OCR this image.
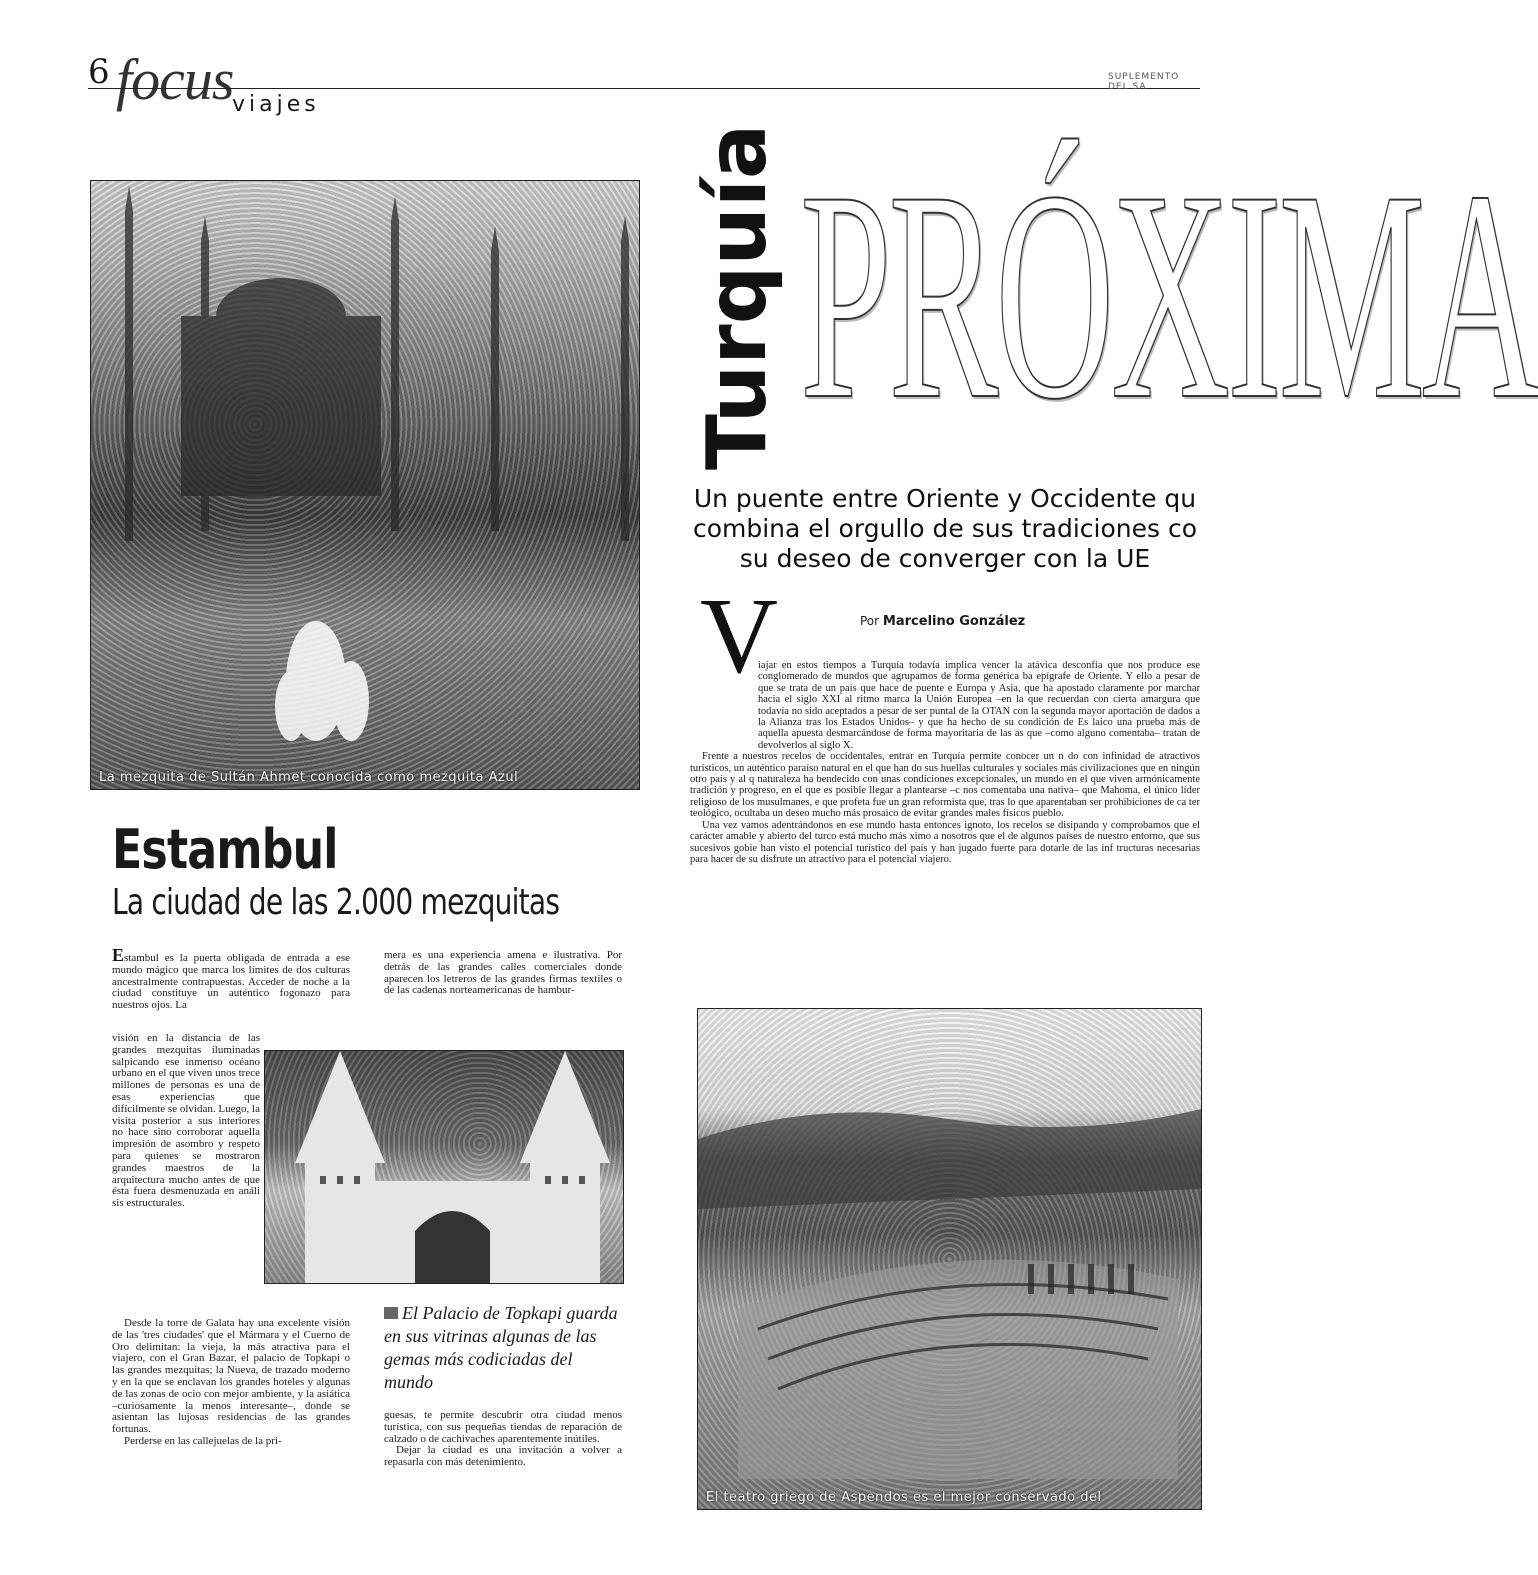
6 focus
viajes
SUPLEMENTO DEL SA
La mezquita de Sultán Ahmet conocida como mezquita Azul
Turquía PRÓXIMA
Un puente entre Oriente y Occidente qu
combina el orgullo de sus tradiciones co
su deseo de converger con la UE
V	Por Marcelino González

iajar en estos tiempos a Turquía todavía implica vencer la atávica desconfia que nos produce ese conglomerado de mundos que agrupamos de forma genérica ba epígrafe de Oriente. Y ello a pesar de que se trata de un país que hace de puente e Europa y Asia, que ha apostado claramente por marchar hacia el siglo XXI al ritmo marca la Unión Europea –en la que recuerdan con cierta amargura que todavía no sido aceptados a pesar de ser puntal de la OTAN con la segunda mayor aportación de dados a la Alianza tras los Estados Unidos– y que ha hecho de su condición de Es laico una prueba más de aquella apuesta desmarcándose de forma mayoritaria de las as que –como alguno comentaba– tratan de devolverlos al siglo X.

Frente a nuestros recelos de occidentales, entrar en Turquía permite conocer un n do con infinidad de atractivos turísticos, un auténtico paraíso natural en el que han do sus huellas culturales y sociales más civilizaciones que en ningún otro país y al q naturaleza ha bendecido con unas condiciones excepcionales, un mundo en el que viven armónicamente tradición y progreso, en el que es posible llegar a plantearse –c nos comentaba una nativa– que Mahoma, el único líder religioso de los musulmanes, e que profeta fue un gran reformista que, tras lo que aparentaban ser prohibiciones de ca ter teológico, ocultaba un deseo mucho más prosaico de evitar grandes males físicos pueblo.

Una vez vamos adentrándonos en ese mundo hasta entonces ignoto, los recelos se disipando y comprobamos que el carácter amable y abierto del turco está mucho más ximo a nosotros que el de algunos países de nuestro entorno, que sus sucesivos gobie han visto el potencial turístico del país y han jugado fuerte para dotarle de las inf tructuras necesarias para hacer de su disfrute un atractivo para el potencial viajero.

El teatro griego de Aspendos es el mejor conservado del
Estambul
La ciudad de las 2.000 mezquitas

Estambul es la puerta obligada de entrada a ese mundo mágico que marca los límites de dos culturas ancestralmente contrapuestas. Acceder de noche a la ciudad constituye un auténtico fogonazo para nuestros ojos. La

visión en la distancia de las grandes mezquitas iluminadas salpicando ese inmenso océano urbano en el que viven unos trece millones de personas es una de esas experiencias que difícilmente se olvidan. Luego, la visita posterior a sus interiores no hace sino corroborar aquella impresión de asombro y respeto para quienes se mostraron grandes maestros de la arquitectura mucho antes de que ésta fuera desmenuzada en análi sis estructurales.

Desde la torre de Galata hay una excelente visión de las 'tres ciudades' que el Mármara y el Cuerno de Oro delimitan: la vieja, la más atractiva para el viajero, con el Gran Bazar, el palacio de Topkapi o las grandes mezquitas; la Nueva, de trazado moderno y en la que se enclavan los grandes hoteles y algunas de las zonas de ocio con mejor ambiente, y la asiática –curiosamente la menos interesante–, donde se asientan las lujosas residencias de las grandes fortunas.

Perderse en las callejuelas de la pri-

mera es una experiencia amena e ilustrativa. Por detrás de las grandes calles comerciales donde aparecen los letreros de las grandes firmas textiles o de las cadenas norteamericanas de hambur-

El Palacio de Topkapi guarda en sus vitrinas algunas de las gemas más codiciadas del mundo

guesas, te permite descubrir otra ciudad menos turística, con sus pequeñas tiendas de reparación de calzado o de cachivaches aparentemente inútiles.

Dejar la ciudad es una invitación a volver a repasarla con más detenimiento.
